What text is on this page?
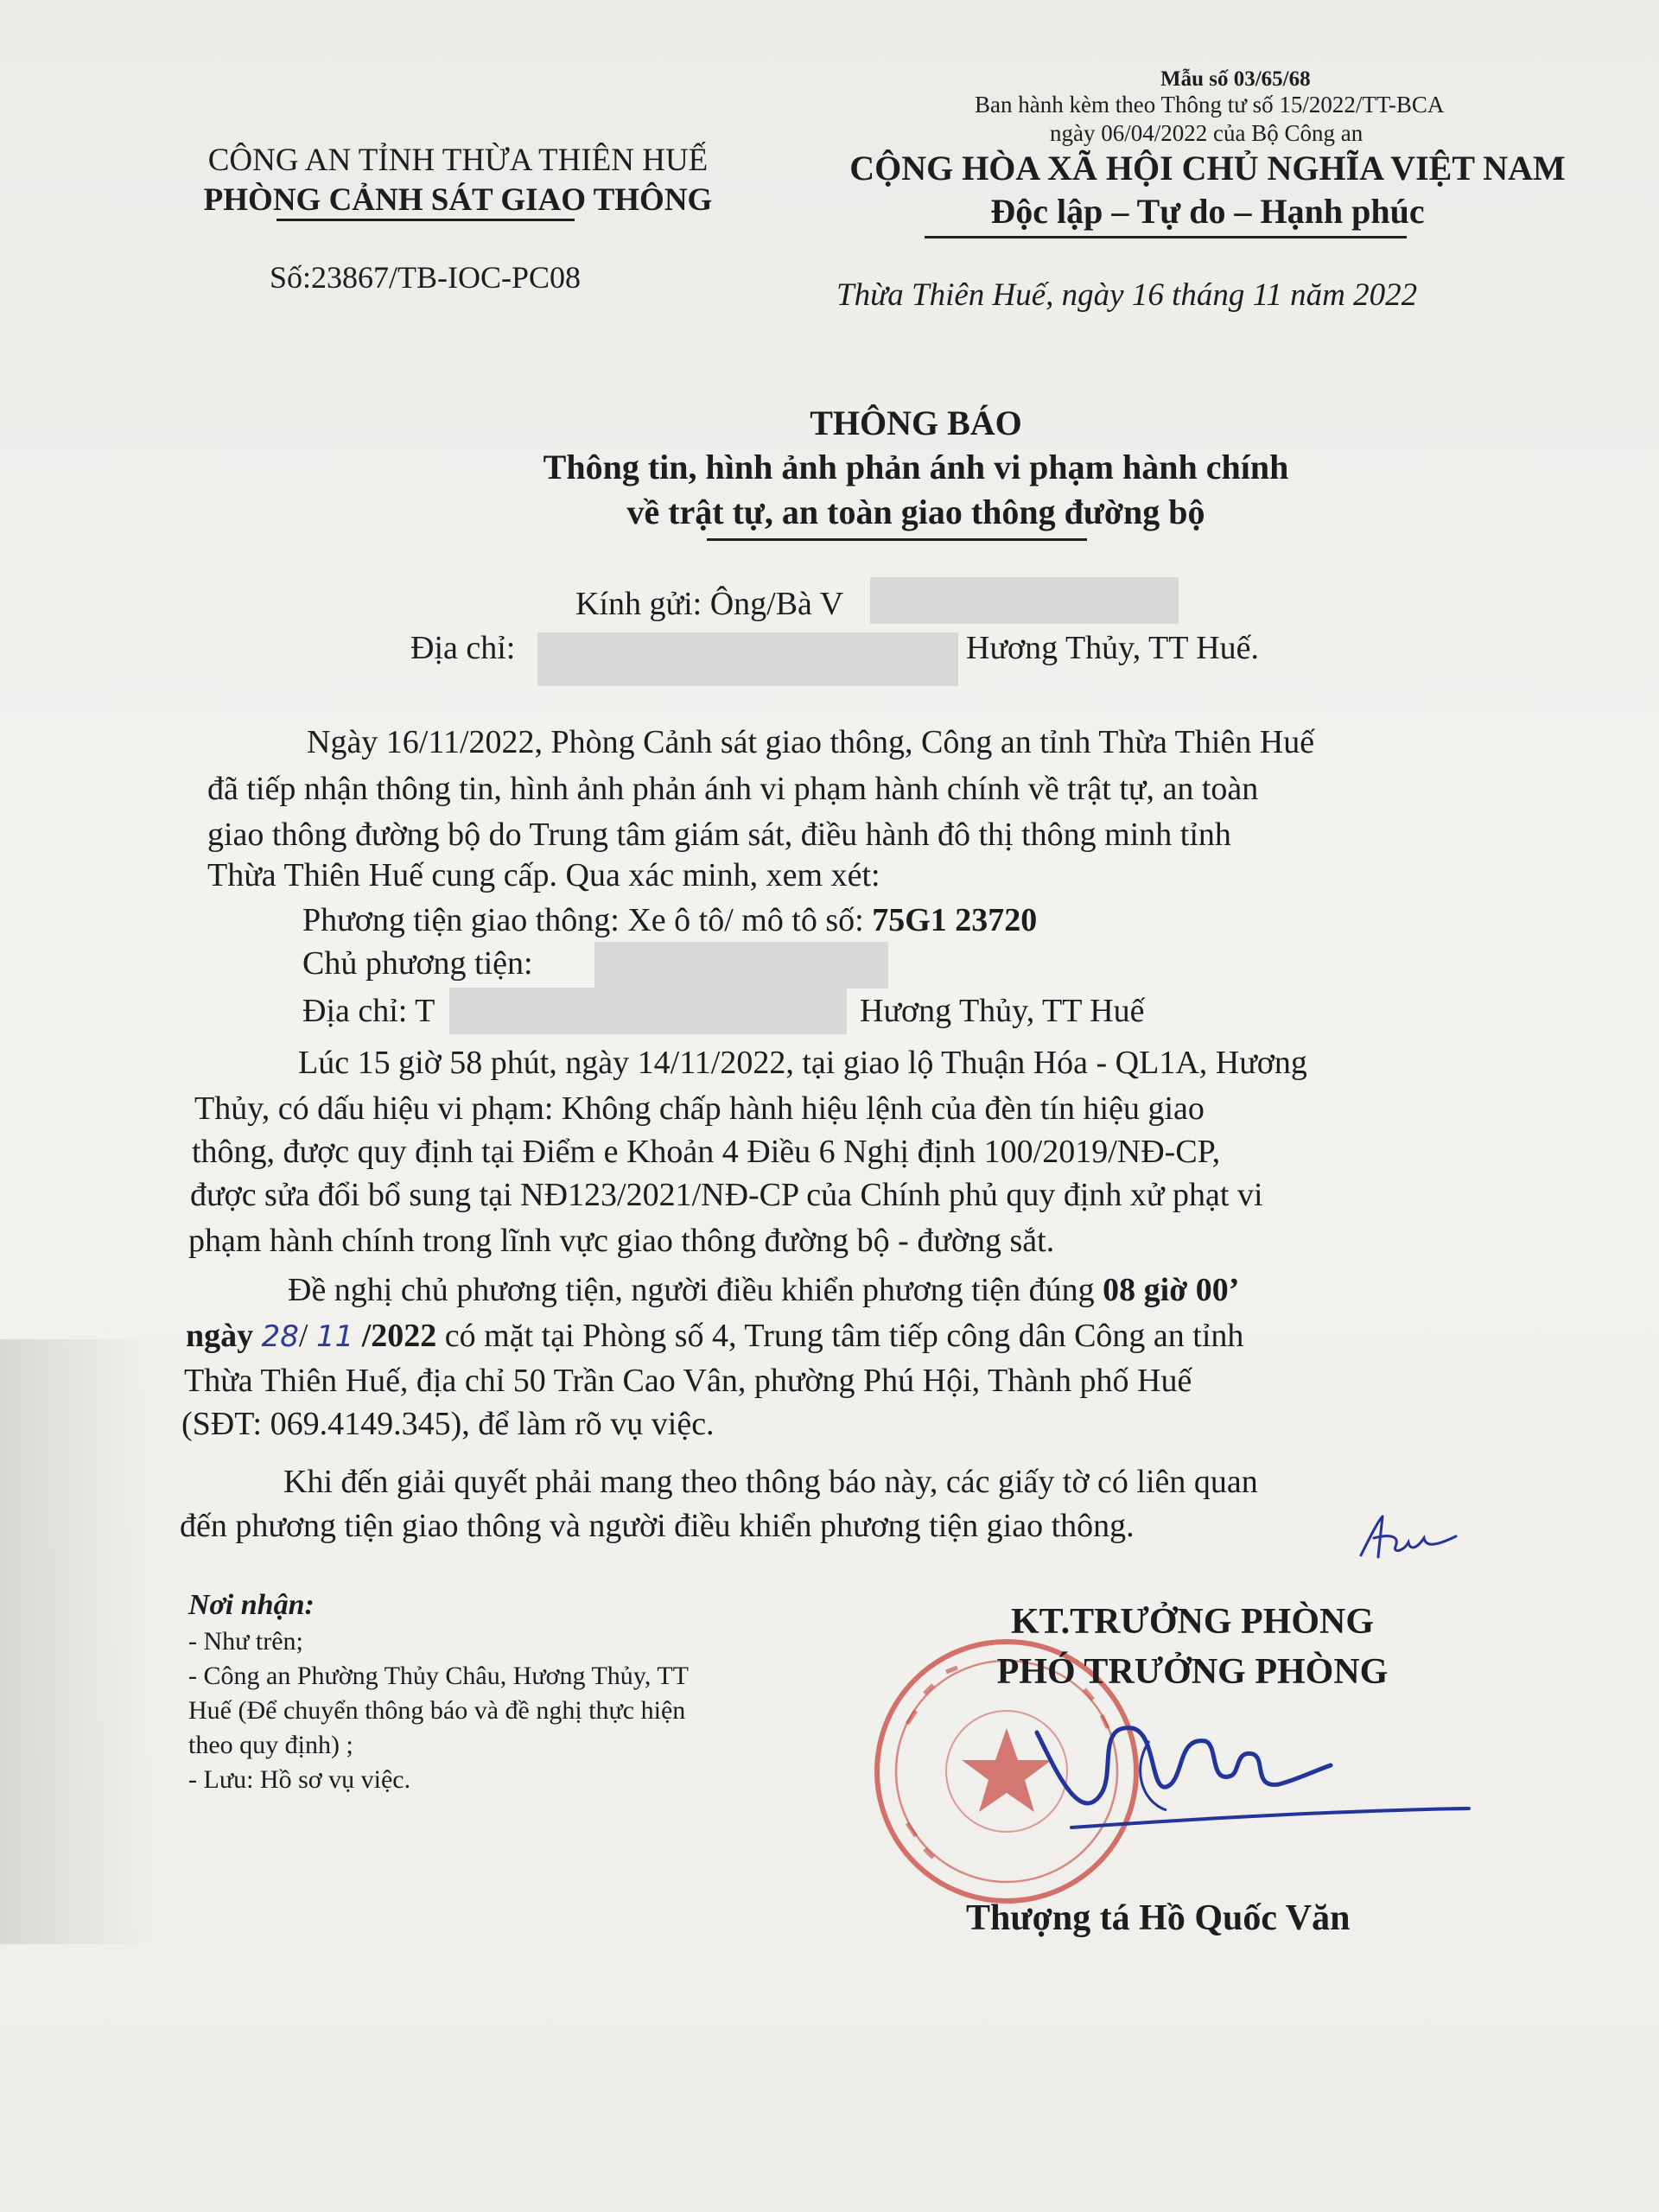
Mẫu số 03/65/68
Ban hành kèm theo Thông tư số 15/2022/TT-BCA
ngày 06/04/2022 của Bộ Công an
CÔNG AN TỈNH THỪA THIÊN HUẾ
PHÒNG CẢNH SÁT GIAO THÔNG
Số:23867/TB-IOC-PC08
CỘNG HÒA XÃ HỘI CHỦ NGHĨA VIỆT NAM
Độc lập – Tự do – Hạnh phúc
Thừa Thiên Huế, ngày 16 tháng 11 năm 2022
THÔNG BÁO
Thông tin, hình ảnh phản ánh vi phạm hành chính
về trật tự, an toàn giao thông đường bộ
Kính gửi: Ông/Bà V
Địa chỉ:	Hương Thủy, TT Huế.
Ngày 16/11/2022, Phòng Cảnh sát giao thông, Công an tỉnh Thừa Thiên Huế
đã tiếp nhận thông tin, hình ảnh phản ánh vi phạm hành chính về trật tự, an toàn
giao thông đường bộ do Trung tâm giám sát, điều hành đô thị thông minh tỉnh
Thừa Thiên Huế cung cấp. Qua xác minh, xem xét:
Phương tiện giao thông: Xe ô tô/ mô tô số: 75G1 23720
Chủ phương tiện:
Địa chỉ: T	Hương Thủy, TT Huế
Lúc 15 giờ 58 phút, ngày 14/11/2022, tại giao lộ Thuận Hóa - QL1A, Hương
Thủy, có dấu hiệu vi phạm: Không chấp hành hiệu lệnh của đèn tín hiệu giao
thông, được quy định tại Điểm e Khoản 4 Điều 6 Nghị định 100/2019/NĐ-CP,
được sửa đổi bổ sung tại NĐ123/2021/NĐ-CP của Chính phủ quy định xử phạt vi
phạm hành chính trong lĩnh vực giao thông đường bộ - đường sắt.
Đề nghị chủ phương tiện, người điều khiển phương tiện đúng 08 giờ 00’
ngày 28/ 11 /2022 có mặt tại Phòng số 4, Trung tâm tiếp công dân Công an tỉnh
Thừa Thiên Huế, địa chỉ 50 Trần Cao Vân, phường Phú Hội, Thành phố Huế
(SĐT: 069.4149.345), để làm rõ vụ việc.
Khi đến giải quyết phải mang theo thông báo này, các giấy tờ có liên quan
đến phương tiện giao thông và người điều khiển phương tiện giao thông.
Nơi nhận:
- Như trên;
- Công an Phường Thủy Châu, Hương Thủy, TT
Huế (Để chuyển thông báo và đề nghị thực hiện
theo quy định) ;
- Lưu: Hồ sơ vụ việc.
KT.TRƯỞNG PHÒNG
PHÓ TRƯỞNG PHÒNG
Thượng tá Hồ Quốc Văn
